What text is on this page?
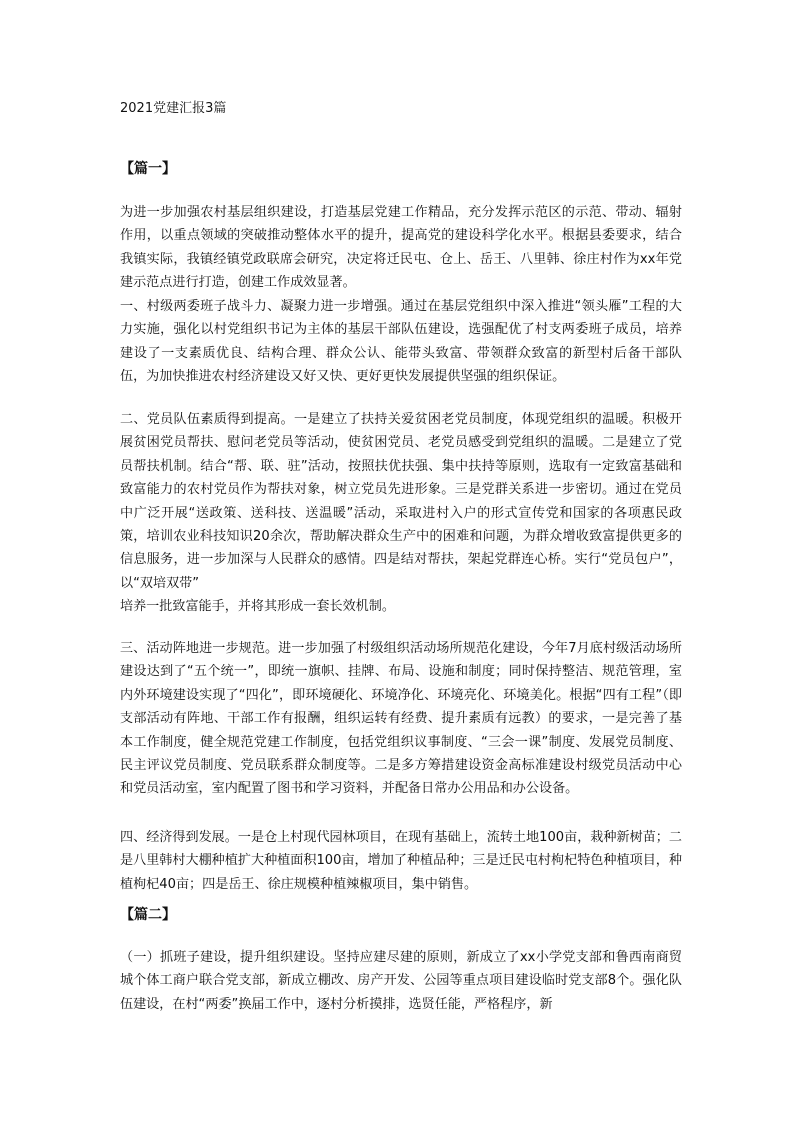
2021党建汇报3篇
【篇一】

为进一步加强农村基层组织建设，打造基层党建工作精品，充分发挥示范区的示范、带动、辐射作用，以重点领域的突破推动整体水平的提升，提高党的建设科学化水平。根据县委要求，结合我镇实际，我镇经镇党政联席会研究，决定将迁民屯、仓上、岳王、八里韩、徐庄村作为xx年党建示范点进行打造，创建工作成效显著。

一、村级两委班子战斗力、凝聚力进一步增强。通过在基层党组织中深入推进“领头雁”工程的大力实施，强化以村党组织书记为主体的基层干部队伍建设，选强配优了村支两委班子成员，培养建设了一支素质优良、结构合理、群众公认、能带头致富、带领群众致富的新型村后备干部队伍，为加快推进农村经济建设又好又快、更好更快发展提供坚强的组织保证。

二、党员队伍素质得到提高。一是建立了扶持关爱贫困老党员制度，体现党组织的温暖。积极开展贫困党员帮扶、慰问老党员等活动，使贫困党员、老党员感受到党组织的温暖。二是建立了党员帮扶机制。结合“帮、联、驻”活动，按照扶优扶强、集中扶持等原则，选取有一定致富基础和致富能力的农村党员作为帮扶对象，树立党员先进形象。三是党群关系进一步密切。通过在党员中广泛开展“送政策、送科技、送温暖”活动，采取进村入户的形式宣传党和国家的各项惠民政策，培训农业科技知识20余次，帮助解决群众生产中的困难和问题，为群众增收致富提供更多的信息服务，进一步加深与人民群众的感情。四是结对帮扶，架起党群连心桥。实行“党员包户”，以“双培双带”

培养一批致富能手，并将其形成一套长效机制。

三、活动阵地进一步规范。进一步加强了村级组织活动场所规范化建设，今年7月底村级活动场所建设达到了“五个统一”，即统一旗帜、挂牌、布局、设施和制度；同时保持整洁、规范管理，室内外环境建设实现了“四化”，即环境硬化、环境净化、环境亮化、环境美化。根据“四有工程”（即支部活动有阵地、干部工作有报酬，组织运转有经费、提升素质有远教）的要求，一是完善了基本工作制度，健全规范党建工作制度，包括党组织议事制度、“三会一课”制度、发展党员制度、民主评议党员制度、党员联系群众制度等。二是多方筹措建设资金高标准建设村级党员活动中心和党员活动室，室内配置了图书和学习资料，并配备日常办公用品和办公设备。

四、经济得到发展。一是仓上村现代园林项目，在现有基础上，流转土地100亩，栽种新树苗；二是八里韩村大棚种植扩大种植面积100亩，增加了种植品种；三是迁民屯村枸杞特色种植项目，种植枸杞40亩；四是岳王、徐庄规模种植辣椒项目，集中销售。

【篇二】

（一）抓班子建设，提升组织建设。坚持应建尽建的原则，新成立了xx小学党支部和鲁西南商贸城个体工商户联合党支部，新成立棚改、房产开发、公园等重点项目建设临时党支部8个。强化队伍建设，在村“两委”换届工作中，逐村分析摸排，选贤任能，严格程序，新
